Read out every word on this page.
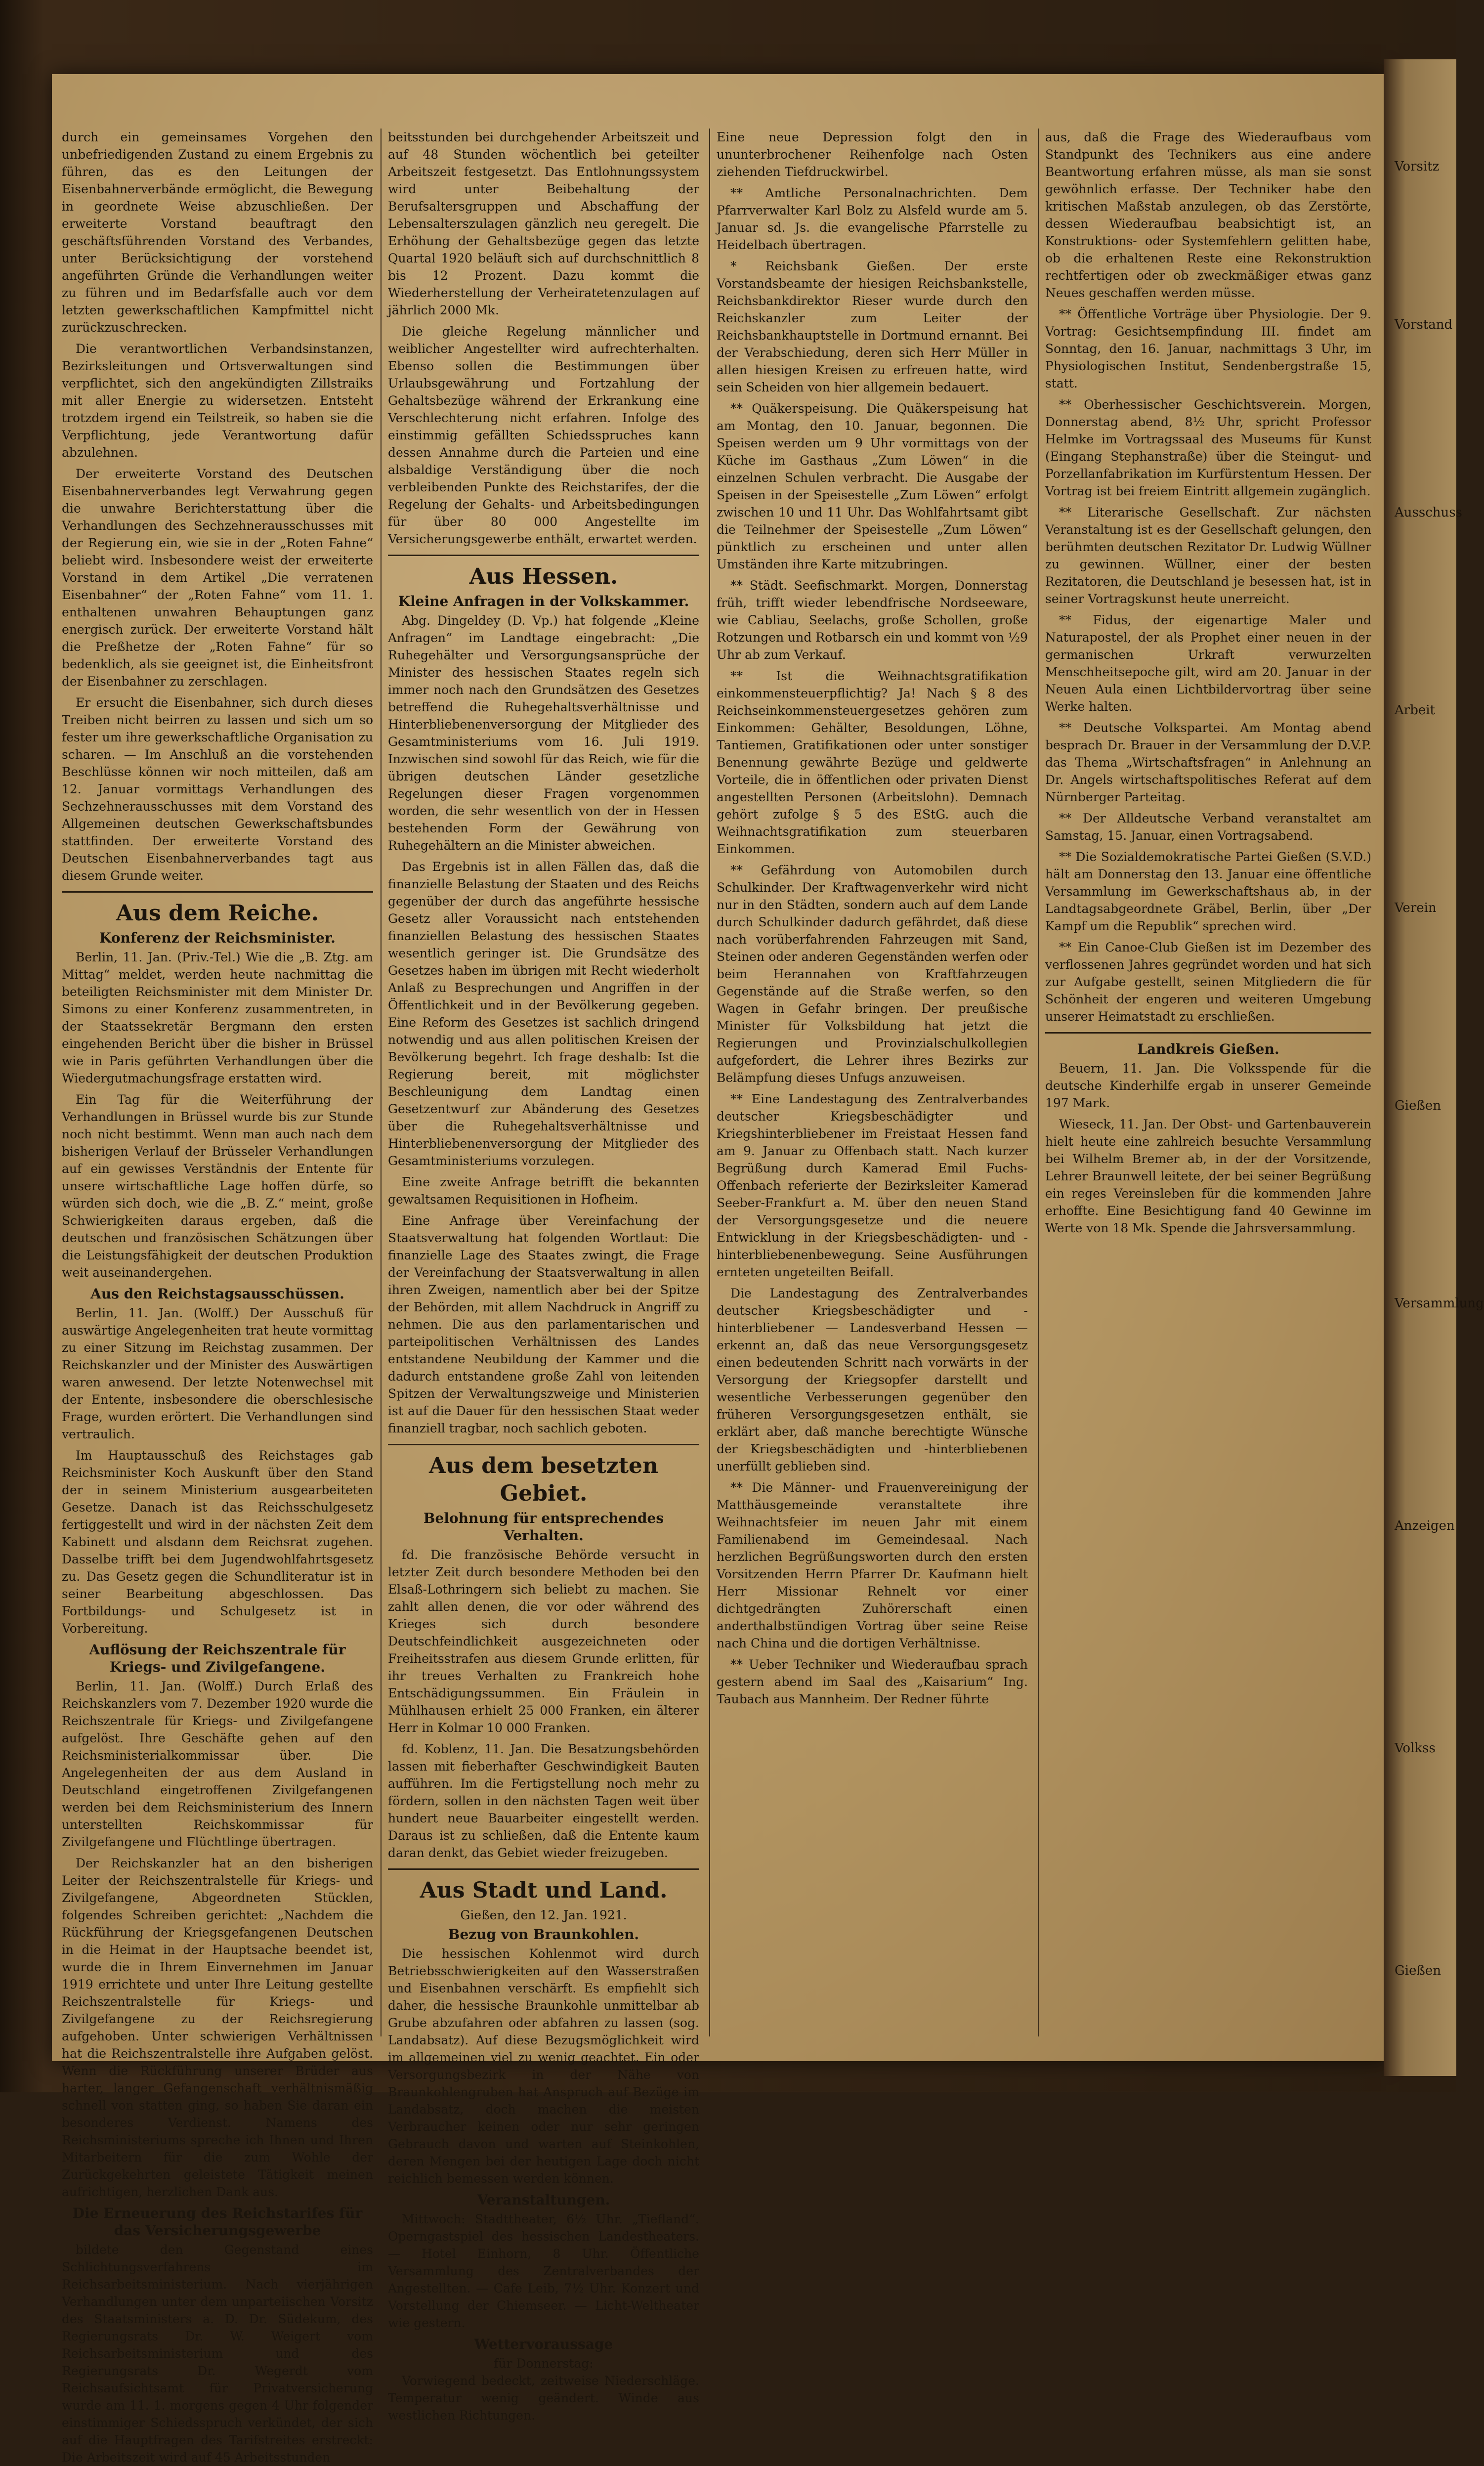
durch ein gemeinsames Vorgehen den unbefriedigenden Zustand zu einem Ergebnis zu führen, das es den Leitungen der Eisenbahnerverbände ermöglicht, die Bewegung in geordnete Weise abzuschließen. Der erweiterte Vorstand beauftragt den geschäftsführenden Vorstand des Verbandes, unter Berücksichtigung der vorstehend angeführten Gründe die Verhandlungen weiter zu führen und im Bedarfsfalle auch vor dem letzten gewerkschaftlichen Kampfmittel nicht zurückzuschrecken.

Die verantwortlichen Verbandsinstanzen, Bezirksleitungen und Ortsverwaltungen sind verpflichtet, sich den angekündigten Zillstraiks mit aller Energie zu widersetzen. Entsteht trotzdem irgend ein Teilstreik, so haben sie die Verpflichtung, jede Verantwortung dafür abzulehnen.

Der erweiterte Vorstand des Deutschen Eisenbahnerverbandes legt Verwahrung gegen die unwahre Berichterstattung über die Verhandlungen des Sechzehnerausschusses mit der Regierung ein, wie sie in der „Roten Fahne“ beliebt wird. Insbesondere weist der erweiterte Vorstand in dem Artikel „Die verratenen Eisenbahner“ der „Roten Fahne“ vom 11. 1. enthaltenen unwahren Behauptungen ganz energisch zurück. Der erweiterte Vorstand hält die Preßhetze der „Roten Fahne“ für so bedenklich, als sie geeignet ist, die Einheitsfront der Eisenbahner zu zerschlagen.

Er ersucht die Eisenbahner, sich durch dieses Treiben nicht beirren zu lassen und sich um so fester um ihre gewerkschaftliche Organisation zu scharen. — Im Anschluß an die vorstehenden Beschlüsse können wir noch mitteilen, daß am 12. Januar vormittags Verhandlungen des Sechzehnerausschusses mit dem Vorstand des Allgemeinen deutschen Gewerkschaftsbundes stattfinden. Der erweiterte Vorstand des Deutschen Eisenbahnerverbandes tagt aus diesem Grunde weiter.

Aus dem Reiche.
Konferenz der Reichsminister.

Berlin, 11. Jan. (Priv.-Tel.) Wie die „B. Ztg. am Mittag“ meldet, werden heute nachmittag die beteiligten Reichsminister mit dem Minister Dr. Simons zu einer Konferenz zusammentreten, in der Staatssekretär Bergmann den ersten eingehenden Bericht über die bisher in Brüssel wie in Paris geführten Verhandlungen über die Wiedergutmachungsfrage erstatten wird.

Ein Tag für die Weiterführung der Verhandlungen in Brüssel wurde bis zur Stunde noch nicht bestimmt. Wenn man auch nach dem bisherigen Verlauf der Brüsseler Verhandlungen auf ein gewisses Verständnis der Entente für unsere wirtschaftliche Lage hoffen dürfe, so würden sich doch, wie die „B. Z.“ meint, große Schwierigkeiten daraus ergeben, daß die deutschen und französischen Schätzungen über die Leistungsfähigkeit der deutschen Produktion weit auseinandergehen.

Aus den Reichstagsausschüssen.

Berlin, 11. Jan. (Wolff.) Der Ausschuß für auswärtige Angelegenheiten trat heute vormittag zu einer Sitzung im Reichstag zusammen. Der Reichskanzler und der Minister des Auswärtigen waren anwesend. Der letzte Notenwechsel mit der Entente, insbesondere die oberschlesische Frage, wurden erörtert. Die Verhandlungen sind vertraulich.

Im Hauptausschuß des Reichstages gab Reichsminister Koch Auskunft über den Stand der in seinem Ministerium ausgearbeiteten Gesetze. Danach ist das Reichsschulgesetz fertiggestellt und wird in der nächsten Zeit dem Kabinett und alsdann dem Reichsrat zugehen. Dasselbe trifft bei dem Jugendwohlfahrtsgesetz zu. Das Gesetz gegen die Schundliteratur ist in seiner Bearbeitung abgeschlossen. Das Fortbildungs- und Schulgesetz ist in Vorbereitung.

Auflösung der Reichszentrale für Kriegs- und Zivilgefangene.

Berlin, 11. Jan. (Wolff.) Durch Erlaß des Reichskanzlers vom 7. Dezember 1920 wurde die Reichszentrale für Kriegs- und Zivilgefangene aufgelöst. Ihre Geschäfte gehen auf den Reichsministerialkommissar über. Die Angelegenheiten der aus dem Ausland in Deutschland eingetroffenen Zivilgefangenen werden bei dem Reichsministerium des Innern unterstellten Reichskommissar für Zivilgefangene und Flüchtlinge übertragen.

Der Reichskanzler hat an den bisherigen Leiter der Reichszentralstelle für Kriegs- und Zivilgefangene, Abgeordneten Stücklen, folgendes Schreiben gerichtet: „Nachdem die Rückführung der Kriegsgefangenen Deutschen in die Heimat in der Hauptsache beendet ist, wurde die in Ihrem Einvernehmen im Januar 1919 errichtete und unter Ihre Leitung gestellte Reichszentralstelle für Kriegs- und Zivilgefangene zu der Reichsregierung aufgehoben. Unter schwierigen Verhältnissen hat die Reichszentralstelle ihre Aufgaben gelöst. Wenn die Rückführung unserer Brüder aus harter, langer Gefangenschaft verhältnismäßig schnell von statten ging, so haben Sie daran ein besonderes Verdienst. Namens des Reichsministeriums spreche ich Ihnen und Ihren Mitarbeitern für die zum Wohle der Zurückgekehrten geleistete Tätigkeit meinen aufrichtigen, herzlichen Dank aus.

Die Erneuerung des Reichstarifes für das Versicherungsgewerbe

bildete den Gegenstand eines Schlichtungsverfahrens im Reichsarbeitsministerium. Nach vierjährigen Verhandlungen unter dem unparteiischen Vorsitz des Staatsministers a. D. Dr. Südekum, des Regierungsrats Dr. W. Weigert vom Reichsarbeitsministerium und des Regierungsrats Dr. Wegerdt vom Reichsaufsichtsamt für Privatversicherung wurde am 11. 1. morgens gegen 4 Uhr folgender einstimmiger Schiedsspruch verkündet, der sich auf die Hauptfragen des Tarifstreites erstreckt: Die Arbeitszeit wird auf 45 Arbeitsstunden

beitsstunden bei durchgehender Arbeitszeit und auf 48 Stunden wöchentlich bei geteilter Arbeitszeit festgesetzt. Das Entlohnungssystem wird unter Beibehaltung der Berufsaltersgruppen und Abschaffung der Lebensalterszulagen gänzlich neu geregelt. Die Erhöhung der Gehaltsbezüge gegen das letzte Quartal 1920 beläuft sich auf durchschnittlich 8 bis 12 Prozent. Dazu kommt die Wiederherstellung der Verheiratetenzulagen auf jährlich 2000 Mk.

Die gleiche Regelung männlicher und weiblicher Angestellter wird aufrechterhalten. Ebenso sollen die Bestimmungen über Urlaubsgewährung und Fortzahlung der Gehaltsbezüge während der Erkrankung eine Verschlechterung nicht erfahren. Infolge des einstimmig gefällten Schiedsspruches kann dessen Annahme durch die Parteien und eine alsbaldige Verständigung über die noch verbleibenden Punkte des Reichstarifes, der die Regelung der Gehalts- und Arbeitsbedingungen für über 80 000 Angestellte im Versicherungsgewerbe enthält, erwartet werden.

Aus Hessen.
Kleine Anfragen in der Volkskammer.

Abg. Dingeldey (D. Vp.) hat folgende „Kleine Anfragen“ im Landtage eingebracht: „Die Ruhegehälter und Versorgungsansprüche der Minister des hessischen Staates regeln sich immer noch nach den Grundsätzen des Gesetzes betreffend die Ruhegehaltsverhältnisse und Hinterbliebenenversorgung der Mitglieder des Gesamtministeriums vom 16. Juli 1919. Inzwischen sind sowohl für das Reich, wie für die übrigen deutschen Länder gesetzliche Regelungen dieser Fragen vorgenommen worden, die sehr wesentlich von der in Hessen bestehenden Form der Gewährung von Ruhegehältern an die Minister abweichen.

Das Ergebnis ist in allen Fällen das, daß die finanzielle Belastung der Staaten und des Reichs gegenüber der durch das angeführte hessische Gesetz aller Voraussicht nach entstehenden finanziellen Belastung des hessischen Staates wesentlich geringer ist. Die Grundsätze des Gesetzes haben im übrigen mit Recht wiederholt Anlaß zu Besprechungen und Angriffen in der Öffentlichkeit und in der Bevölkerung gegeben. Eine Reform des Gesetzes ist sachlich dringend notwendig und aus allen politischen Kreisen der Bevölkerung begehrt. Ich frage deshalb: Ist die Regierung bereit, mit möglichster Beschleunigung dem Landtag einen Gesetzentwurf zur Abänderung des Gesetzes über die Ruhegehaltsverhältnisse und Hinterbliebenenversorgung der Mitglieder des Gesamtministeriums vorzulegen.

Eine zweite Anfrage betrifft die bekannten gewaltsamen Requisitionen in Hofheim.

Eine Anfrage über Vereinfachung der Staatsverwaltung hat folgenden Wortlaut: Die finanzielle Lage des Staates zwingt, die Frage der Vereinfachung der Staatsverwaltung in allen ihren Zweigen, namentlich aber bei der Spitze der Behörden, mit allem Nachdruck in Angriff zu nehmen. Die aus den parlamentarischen und parteipolitischen Verhältnissen des Landes entstandene Neubildung der Kammer und die dadurch entstandene große Zahl von leitenden Spitzen der Verwaltungszweige und Ministerien ist auf die Dauer für den hessischen Staat weder finanziell tragbar, noch sachlich geboten.

Aus dem besetzten Gebiet.
Belohnung für entsprechendes Verhalten.

fd. Die französische Behörde versucht in letzter Zeit durch besondere Methoden bei den Elsaß-Lothringern sich beliebt zu machen. Sie zahlt allen denen, die vor oder während des Krieges sich durch besondere Deutschfeindlichkeit ausgezeichneten oder Freiheitsstrafen aus diesem Grunde erlitten, für ihr treues Verhalten zu Frankreich hohe Entschädigungssummen. Ein Fräulein in Mühlhausen erhielt 25 000 Franken, ein älterer Herr in Kolmar 10 000 Franken.

fd. Koblenz, 11. Jan. Die Besatzungsbehörden lassen mit fieberhafter Geschwindigkeit Bauten aufführen. Im die Fertigstellung noch mehr zu fördern, sollen in den nächsten Tagen weit über hundert neue Bauarbeiter eingestellt werden. Daraus ist zu schließen, daß die Entente kaum daran denkt, das Gebiet wieder freizugeben.

Aus Stadt und Land.
Gießen, den 12. Jan. 1921.
Bezug von Braunkohlen.

Die hessischen Kohlenmot wird durch Betriebsschwierigkeiten auf den Wasserstraßen und Eisenbahnen verschärft. Es empfiehlt sich daher, die hessische Braunkohle unmittelbar ab Grube abzufahren oder abfahren zu lassen (sog. Landabsatz). Auf diese Bezugsmöglichkeit wird im allgemeinen viel zu wenig geachtet. Ein oder Versorgungsbezirk in der Nähe von Braunkohlengruben hat Anspruch auf Bezüge im Landabsatz, doch machen die meisten Verbraucher keinen oder nur sehr geringen Gebrauch davon und warten auf Steinkohlen, deren Mengen bei der heutigen Lage doch nicht reichlich bemessen werden können.

Veranstaltungen.

Mittwoch: Stadttheater, 6½ Uhr. „Tiefland“. Operngastspiel des hessischen Landestheaters. — Hotel Einhorn, 8 Uhr. Öffentliche Versammlung des Zentralverbandes der Angestellten. — Cafe Leib, 7½ Uhr. Konzert und Vorstellung der Chiemseer. — Licht-Weltheater wie gestern.

Wettervoraussage
für Donnerstag:

Vorwiegend bedeckt, zeitweise Niederschläge. Temperatur wenig geändert. Winde aus westlichen Richtungen.

Eine neue Depression folgt den in ununterbrochener Reihenfolge nach Osten ziehenden Tiefdruckwirbel.

** Amtliche Personalnachrichten. Dem Pfarrverwalter Karl Bolz zu Alsfeld wurde am 5. Januar sd. Js. die evangelische Pfarrstelle zu Heidelbach übertragen.

* Reichsbank Gießen. Der erste Vorstandsbeamte der hiesigen Reichsbankstelle, Reichsbankdirektor Rieser wurde durch den Reichskanzler zum Leiter der Reichsbankhauptstelle in Dortmund ernannt. Bei der Verabschiedung, deren sich Herr Müller in allen hiesigen Kreisen zu erfreuen hatte, wird sein Scheiden von hier allgemein bedauert.

** Quäkerspeisung. Die Quäkerspeisung hat am Montag, den 10. Januar, begonnen. Die Speisen werden um 9 Uhr vormittags von der Küche im Gasthaus „Zum Löwen“ in die einzelnen Schulen verbracht. Die Ausgabe der Speisen in der Speisestelle „Zum Löwen“ erfolgt zwischen 10 und 11 Uhr. Das Wohlfahrtsamt gibt die Teilnehmer der Speisestelle „Zum Löwen“ pünktlich zu erscheinen und unter allen Umständen ihre Karte mitzubringen.

** Städt. Seefischmarkt. Morgen, Donnerstag früh, trifft wieder lebendfrische Nordseeware, wie Cabliau, Seelachs, große Schollen, große Rotzungen und Rotbarsch ein und kommt von ½9 Uhr ab zum Verkauf.

** Ist die Weihnachtsgratifikation einkommensteuerpflichtig? Ja! Nach § 8 des Reichseinkommensteuergesetzes gehören zum Einkommen: Gehälter, Besoldungen, Löhne, Tantiemen, Gratifikationen oder unter sonstiger Benennung gewährte Bezüge und geldwerte Vorteile, die in öffentlichen oder privaten Dienst angestellten Personen (Arbeitslohn). Demnach gehört zufolge § 5 des EStG. auch die Weihnachtsgratifikation zum steuerbaren Einkommen.

** Gefährdung von Automobilen durch Schulkinder. Der Kraftwagenverkehr wird nicht nur in den Städten, sondern auch auf dem Lande durch Schulkinder dadurch gefährdet, daß diese nach vorüberfahrenden Fahrzeugen mit Sand, Steinen oder anderen Gegenständen werfen oder beim Herannahen von Kraftfahrzeugen Gegenstände auf die Straße werfen, so den Wagen in Gefahr bringen. Der preußische Minister für Volksbildung hat jetzt die Regierungen und Provinzialschulkollegien aufgefordert, die Lehrer ihres Bezirks zur Belämpfung dieses Unfugs anzuweisen.

** Eine Landestagung des Zentralverbandes deutscher Kriegsbeschädigter und Kriegshinterbliebener im Freistaat Hessen fand am 9. Januar zu Offenbach statt. Nach kurzer Begrüßung durch Kamerad Emil Fuchs-Offenbach referierte der Bezirksleiter Kamerad Seeber-Frankfurt a. M. über den neuen Stand der Versorgungsgesetze und die neuere Entwicklung in der Kriegsbeschädigten- und -hinterbliebenenbewegung. Seine Ausführungen ernteten ungeteilten Beifall.

Die Landestagung des Zentralverbandes deutscher Kriegsbeschädigter und -hinterbliebener — Landesverband Hessen — erkennt an, daß das neue Versorgungsgesetz einen bedeutenden Schritt nach vorwärts in der Versorgung der Kriegsopfer darstellt und wesentliche Verbesserungen gegenüber den früheren Versorgungsgesetzen enthält, sie erklärt aber, daß manche berechtigte Wünsche der Kriegsbeschädigten und -hinterbliebenen unerfüllt geblieben sind.

** Die Männer- und Frauenvereinigung der Matthäusgemeinde veranstaltete ihre Weihnachtsfeier im neuen Jahr mit einem Familienabend im Gemeindesaal. Nach herzlichen Begrüßungsworten durch den ersten Vorsitzenden Herrn Pfarrer Dr. Kaufmann hielt Herr Missionar Rehnelt vor einer dichtgedrängten Zuhörerschaft einen anderthalbstündigen Vortrag über seine Reise nach China und die dortigen Verhältnisse.

** Ueber Techniker und Wiederaufbau sprach gestern abend im Saal des „Kaisarium“ Ing. Taubach aus Mannheim. Der Redner führte

aus, daß die Frage des Wiederaufbaus vom Standpunkt des Technikers aus eine andere Beantwortung erfahren müsse, als man sie sonst gewöhnlich erfasse. Der Techniker habe den kritischen Maßstab anzulegen, ob das Zerstörte, dessen Wiederaufbau beabsichtigt ist, an Konstruktions- oder Systemfehlern gelitten habe, ob die erhaltenen Reste eine Rekonstruktion rechtfertigen oder ob zweckmäßiger etwas ganz Neues geschaffen werden müsse.

** Öffentliche Vorträge über Physiologie. Der 9. Vortrag: Gesichtsempfindung III. findet am Sonntag, den 16. Januar, nachmittags 3 Uhr, im Physiologischen Institut, Sendenbergstraße 15, statt.

** Oberhessischer Geschichtsverein. Morgen, Donnerstag abend, 8½ Uhr, spricht Professor Helmke im Vortragssaal des Museums für Kunst (Eingang Stephanstraße) über die Steingut- und Porzellanfabrikation im Kurfürstentum Hessen. Der Vortrag ist bei freiem Eintritt allgemein zugänglich.

** Literarische Gesellschaft. Zur nächsten Veranstaltung ist es der Gesellschaft gelungen, den berühmten deutschen Rezitator Dr. Ludwig Wüllner zu gewinnen. Wüllner, einer der besten Rezitatoren, die Deutschland je besessen hat, ist in seiner Vortragskunst heute unerreicht.

** Fidus, der eigenartige Maler und Naturapostel, der als Prophet einer neuen in der germanischen Urkraft verwurzelten Menschheitsepoche gilt, wird am 20. Januar in der Neuen Aula einen Lichtbildervortrag über seine Werke halten.

** Deutsche Volkspartei. Am Montag abend besprach Dr. Brauer in der Versammlung der D.V.P. das Thema „Wirtschaftsfragen“ in Anlehnung an Dr. Angels wirtschaftspolitisches Referat auf dem Nürnberger Parteitag.

** Der Alldeutsche Verband veranstaltet am Samstag, 15. Januar, einen Vortragsabend.

** Die Sozialdemokratische Partei Gießen (S.V.D.) hält am Donnerstag den 13. Januar eine öffentliche Versammlung im Gewerkschaftshaus ab, in der Landtagsabgeordnete Gräbel, Berlin, über „Der Kampf um die Republik“ sprechen wird.

** Ein Canoe-Club Gießen ist im Dezember des verflossenen Jahres gegründet worden und hat sich zur Aufgabe gestellt, seinen Mitgliedern die für Schönheit der engeren und weiteren Umgebung unserer Heimatstadt zu erschließen.

Landkreis Gießen.

Beuern, 11. Jan. Die Volksspende für die deutsche Kinderhilfe ergab in unserer Gemeinde 197 Mark.

Wieseck, 11. Jan. Der Obst- und Gartenbauverein hielt heute eine zahlreich besuchte Versammlung bei Wilhelm Bremer ab, in der der Vorsitzende, Lehrer Braunwell leitete, der bei seiner Begrüßung ein reges Vereinsleben für die kommenden Jahre erhoffte. Eine Besichtigung fand 40 Gewinne im Werte von 18 Mk. Spende die Jahrsversammlung.

Vorsitz
Vorstand
Ausschuss
Arbeit
Verein
Gießen
Versammlung
Anzeigen
Volkss
Gießen
